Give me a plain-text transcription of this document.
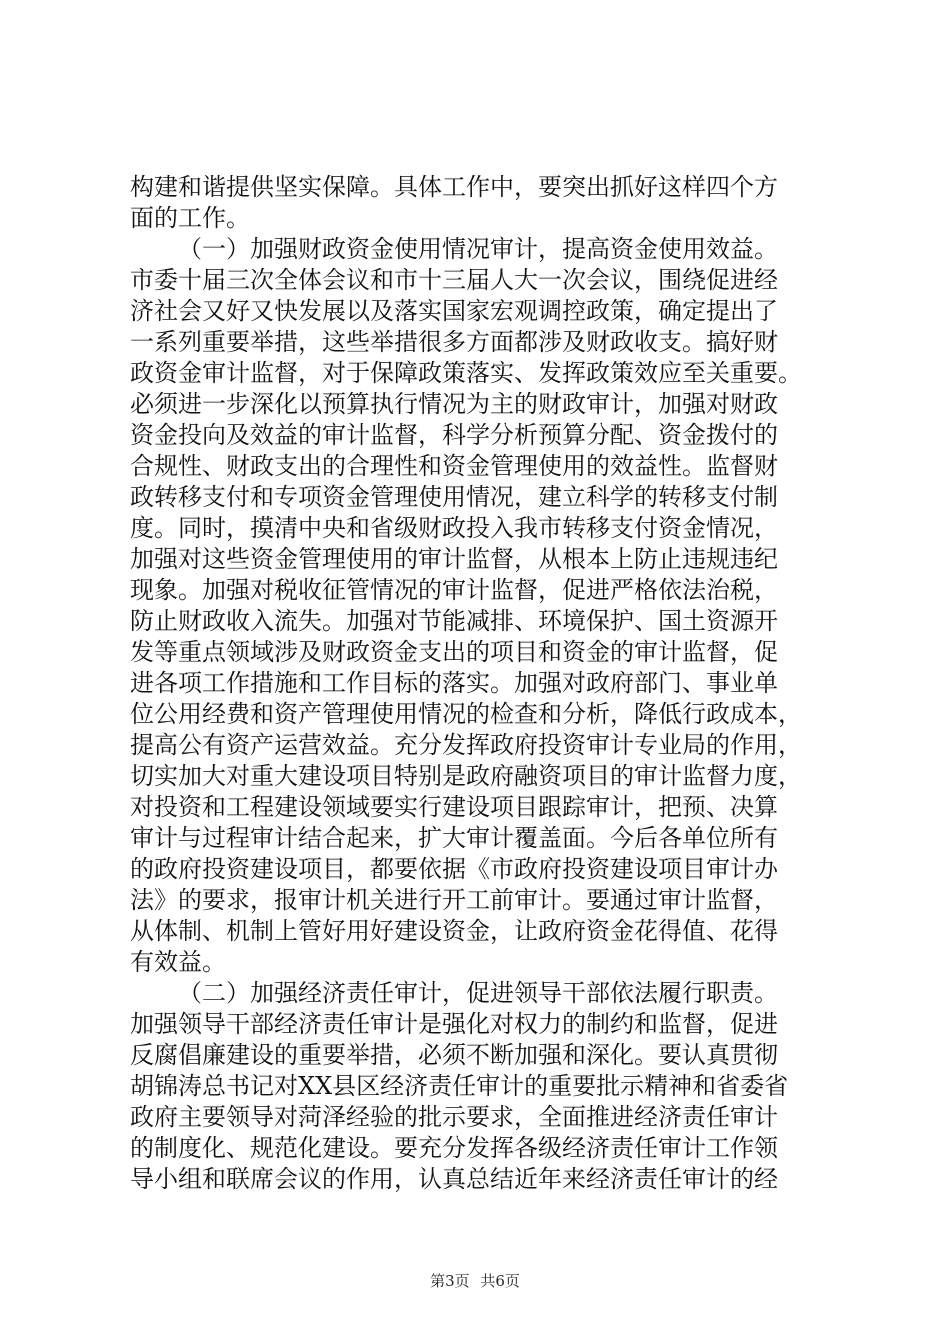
构建和谐提供坚实保障。具体工作中，要突出抓好这样四个方
面的工作。
（一）加强财政资金使用情况审计，提高资金使用效益。
市委十届三次全体会议和市十三届人大一次会议，围绕促进经
济社会又好又快发展以及落实国家宏观调控政策，确定提出了
一系列重要举措，这些举措很多方面都涉及财政收支。搞好财
政资金审计监督，对于保障政策落实、发挥政策效应至关重要。
必须进一步深化以预算执行情况为主的财政审计，加强对财政
资金投向及效益的审计监督，科学分析预算分配、资金拨付的
合规性、财政支出的合理性和资金管理使用的效益性。监督财
政转移支付和专项资金管理使用情况，建立科学的转移支付制
度。同时，摸清中央和省级财政投入我市转移支付资金情况，
加强对这些资金管理使用的审计监督，从根本上防止违规违纪
现象。加强对税收征管情况的审计监督，促进严格依法治税，
防止财政收入流失。加强对节能减排、环境保护、国土资源开
发等重点领域涉及财政资金支出的项目和资金的审计监督，促
进各项工作措施和工作目标的落实。加强对政府部门、事业单
位公用经费和资产管理使用情况的检查和分析，降低行政成本，
提高公有资产运营效益。充分发挥政府投资审计专业局的作用，
切实加大对重大建设项目特别是政府融资项目的审计监督力度，
对投资和工程建设领域要实行建设项目跟踪审计，把预、决算
审计与过程审计结合起来，扩大审计覆盖面。今后各单位所有
的政府投资建设项目，都要依据《市政府投资建设项目审计办
法》的要求，报审计机关进行开工前审计。要通过审计监督，
从体制、机制上管好用好建设资金，让政府资金花得值、花得
有效益。
（二）加强经济责任审计，促进领导干部依法履行职责。
加强领导干部经济责任审计是强化对权力的制约和监督，促进
反腐倡廉建设的重要举措，必须不断加强和深化。要认真贯彻
胡锦涛总书记对XX县区经济责任审计的重要批示精神和省委省
政府主要领导对菏泽经验的批示要求，全面推进经济责任审计
的制度化、规范化建设。要充分发挥各级经济责任审计工作领
导小组和联席会议的作用，认真总结近年来经济责任审计的经
第3页 共6页
